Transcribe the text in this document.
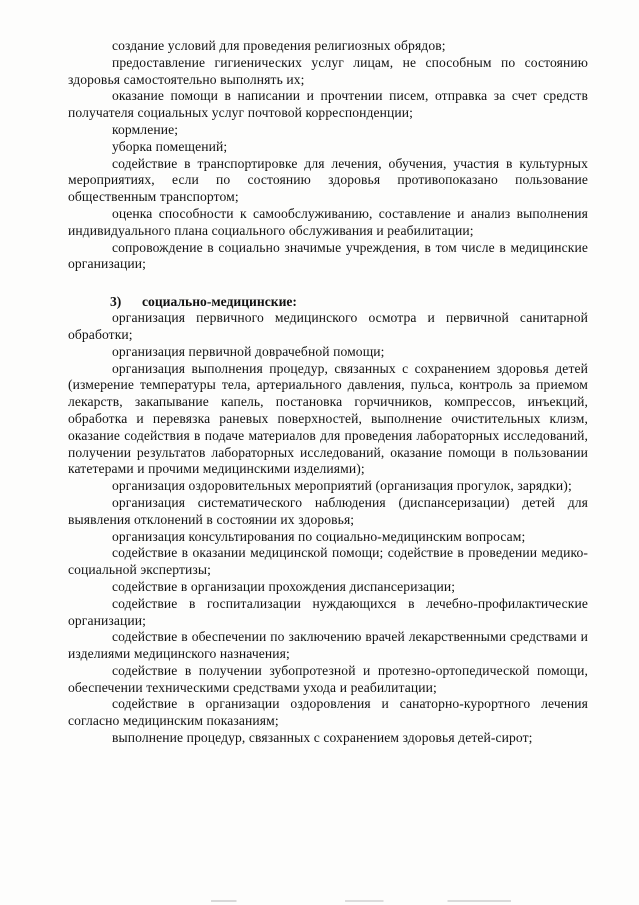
создание условий для проведения религиозных обрядов;

предоставление гигиенических услуг лицам, не способным по состоянию здоровья самостоятельно выполнять их;

оказание помощи в написании и прочтении писем, отправка за счет средств получателя социальных услуг почтовой корреспонденции;

кормление;

уборка помещений;

содействие в транспортировке для лечения, обучения, участия в культурных мероприятиях, если по состоянию здоровья противопоказано пользование общественным транспортом;

оценка способности к самообслуживанию, составление и анализ выполнения индивидуального плана социального обслуживания и реабилитации;

сопровождение в социально значимые учреждения, в том числе в медицинские организации;

3) социально-медицинские:

организация первичного медицинского осмотра и первичной санитарной обработки;

организация первичной доврачебной помощи;

организация выполнения процедур, связанных с сохранением здоровья детей (измерение температуры тела, артериального давления, пульса, контроль за приемом лекарств, закапывание капель, постановка горчичников, компрессов, инъекций, обработка и перевязка раневых поверхностей, выполнение очистительных клизм, оказание содействия в подаче материалов для проведения лабораторных исследований, получении результатов лабораторных исследований, оказание помощи в пользовании катетерами и прочими медицинскими изделиями);

организация оздоровительных мероприятий (организация прогулок, зарядки);

организация систематического наблюдения (диспансеризации) детей для выявления отклонений в состоянии их здоровья;

организация консультирования по социально-медицинским вопросам;

содействие в оказании медицинской помощи; содействие в проведении медико-социальной экспертизы;

содействие в организации прохождения диспансеризации;

содействие в госпитализации нуждающихся в лечебно-профилактические организации;

содействие в обеспечении по заключению врачей лекарственными средствами и изделиями медицинского назначения;

содействие в получении зубопротезной и протезно-ортопедической помощи, обеспечении техническими средствами ухода и реабилитации;

содействие в организации оздоровления и санаторно-курортного лечения согласно медицинским показаниям;

выполнение процедур, связанных с сохранением здоровья детей-сирот;
